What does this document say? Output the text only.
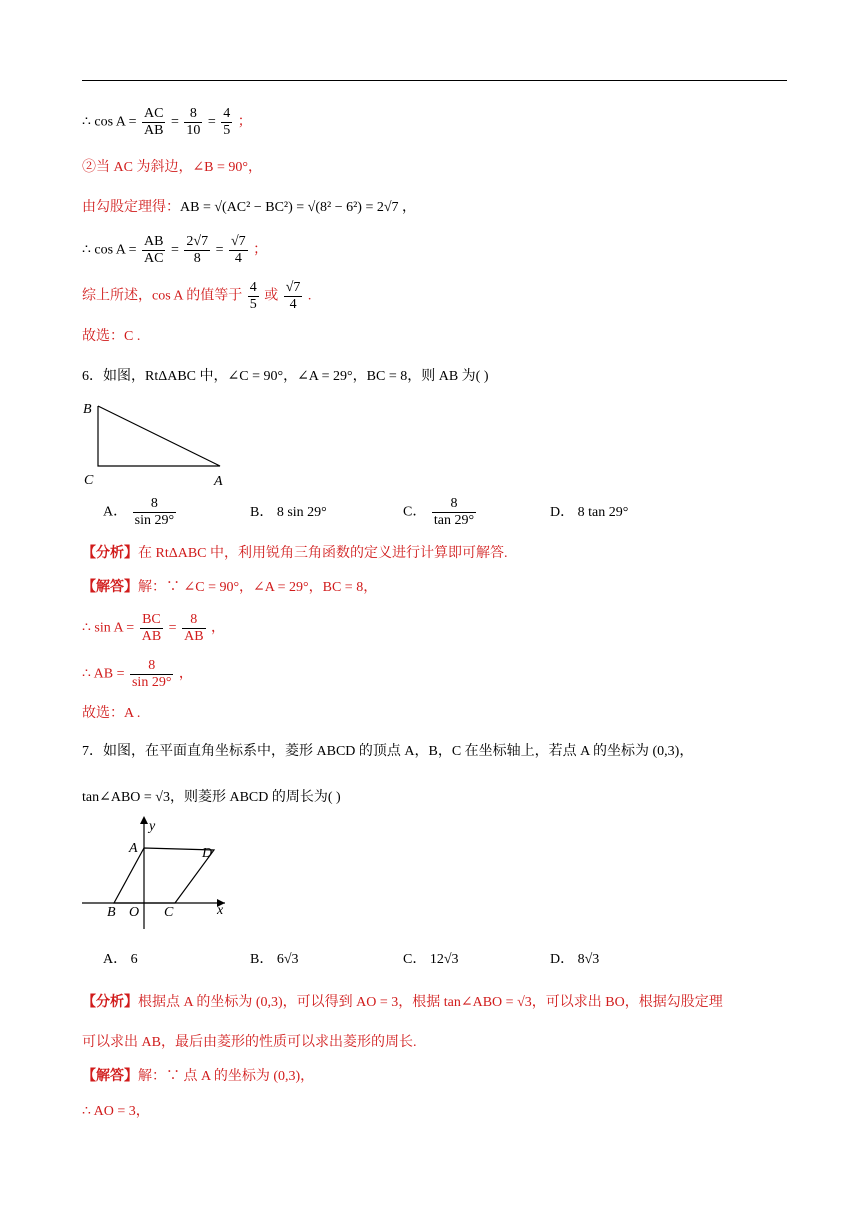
∴ $\cos A = \frac{AC}{AB} = \frac{8}{10} = \frac{4}{5}$ ；
②当 AC 为斜边，∠B = 90°，
由勾股定理得：AB = √(AC² − BC²) = √(8² − 6²) = 2√7 ，
∴ $\cos A = \frac{AB}{AC} = \frac{2√7}{8} = \frac{√7}{4}$ ；
综上所述，cos A 的值等于 $\frac{4}{5}$ 或 $\frac{√7}{4}$ .
故选：C .
6．如图，RtΔABC 中，∠C = 90°，∠A = 29°，BC = 8，则 AB 为( )
B
C	A
A． $\frac{8}{\sin 29^\circ}$	B． 8 sin 29°	C． $\frac{8}{\tan 29^\circ}$	D． 8 tan 29°
【分析】在 RtΔABC 中，利用锐角三角函数的定义进行计算即可解答.
【解答】解：∵ ∠C = 90°，∠A = 29°，BC = 8，
∴ $\sin A = \frac{BC}{AB} = \frac{8}{AB}$ ，
∴ AB = $\frac{8}{\sin 29^\circ}$ ，
故选：A .
7．如图，在平面直角坐标系中，菱形 ABCD 的顶点 A，B，C 在坐标轴上，若点 A 的坐标为 (0,3)，
tan∠ABO = √3，则菱形 ABCD 的周长为( )
y
A	D
B O C	x
A． 6	B． 6√3	C． 12√3	D． 8√3
【分析】根据点 A 的坐标为 (0,3)，可以得到 AO = 3，根据 tan∠ABO = √3，可以求出 BO，根据勾股定理
可以求出 AB，最后由菱形的性质可以求出菱形的周长.
【解答】解：∵ 点 A 的坐标为 (0,3)，
∴ AO = 3，
